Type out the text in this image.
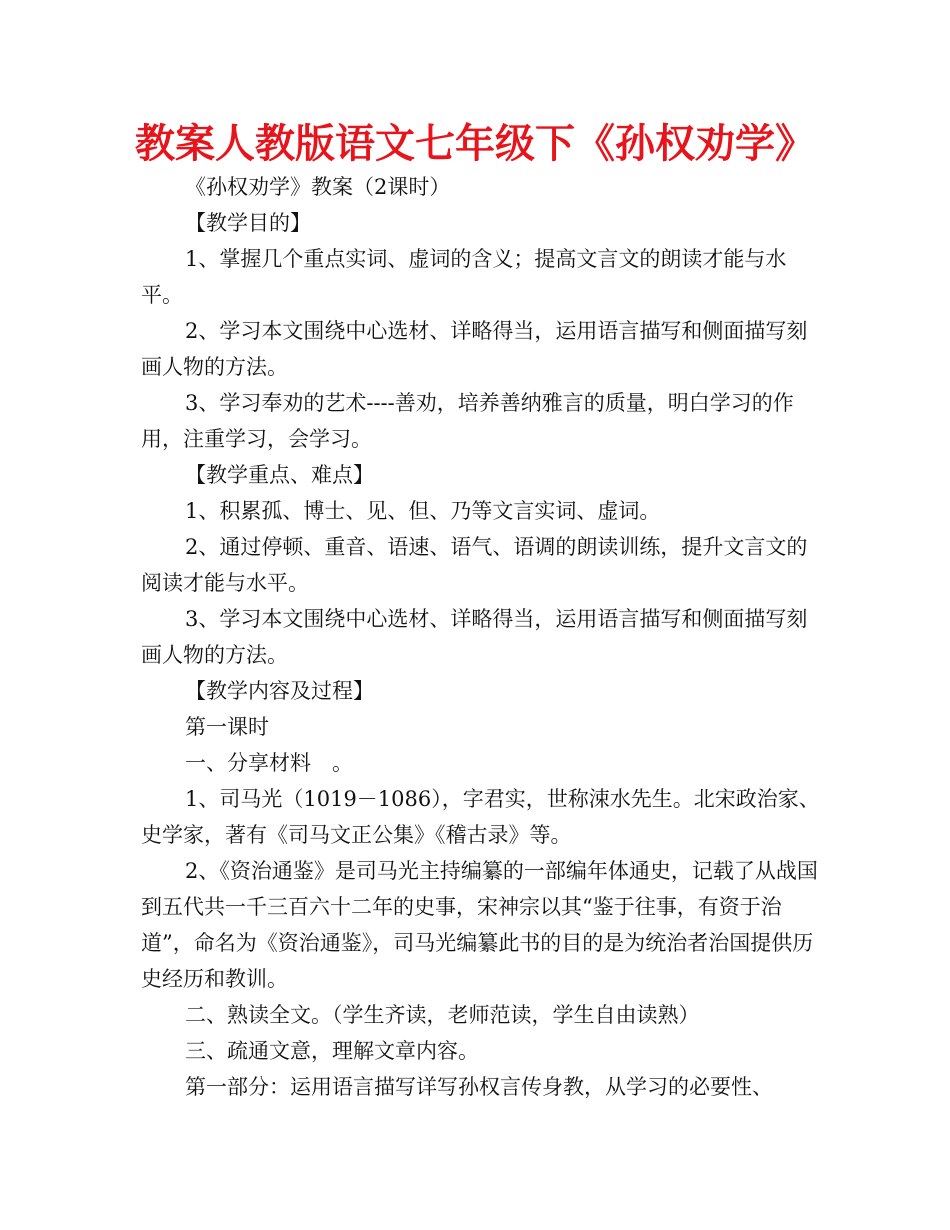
教案人教版语文七年级下《孙权劝学》

《孙权劝学》教案（2课时）

【教学目的】

1、掌握几个重点实词、虚词的含义；提高文言文的朗读才能与水平。

2、学习本文围绕中心选材、详略得当，运用语言描写和侧面描写刻画人物的方法。

3、学习奉劝的艺术----善劝，培养善纳雅言的质量，明白学习的作用，注重学习，会学习。

【教学重点、难点】

1、积累孤、博士、见、但、乃等文言实词、虚词。

2、通过停顿、重音、语速、语气、语调的朗读训练，提升文言文的阅读才能与水平。

3、学习本文围绕中心选材、详略得当，运用语言描写和侧面描写刻画人物的方法。

【教学内容及过程】

第一课时

一、分享材料　。

1、司马光（1019－1086），字君实，世称涑水先生。北宋政治家、史学家，著有《司马文正公集》《稽古录》等。

2、《资治通鉴》是司马光主持编纂的一部编年体通史，记载了从战国到五代共一千三百六十二年的史事，宋神宗以其“鉴于往事，有资于治道”，命名为《资治通鉴》，司马光编纂此书的目的是为统治者治国提供历史经历和教训。

二、熟读全文。（学生齐读，老师范读，学生自由读熟）

三、疏通文意，理解文章内容。

第一部分：运用语言描写详写孙权言传身教，从学习的必要性、
